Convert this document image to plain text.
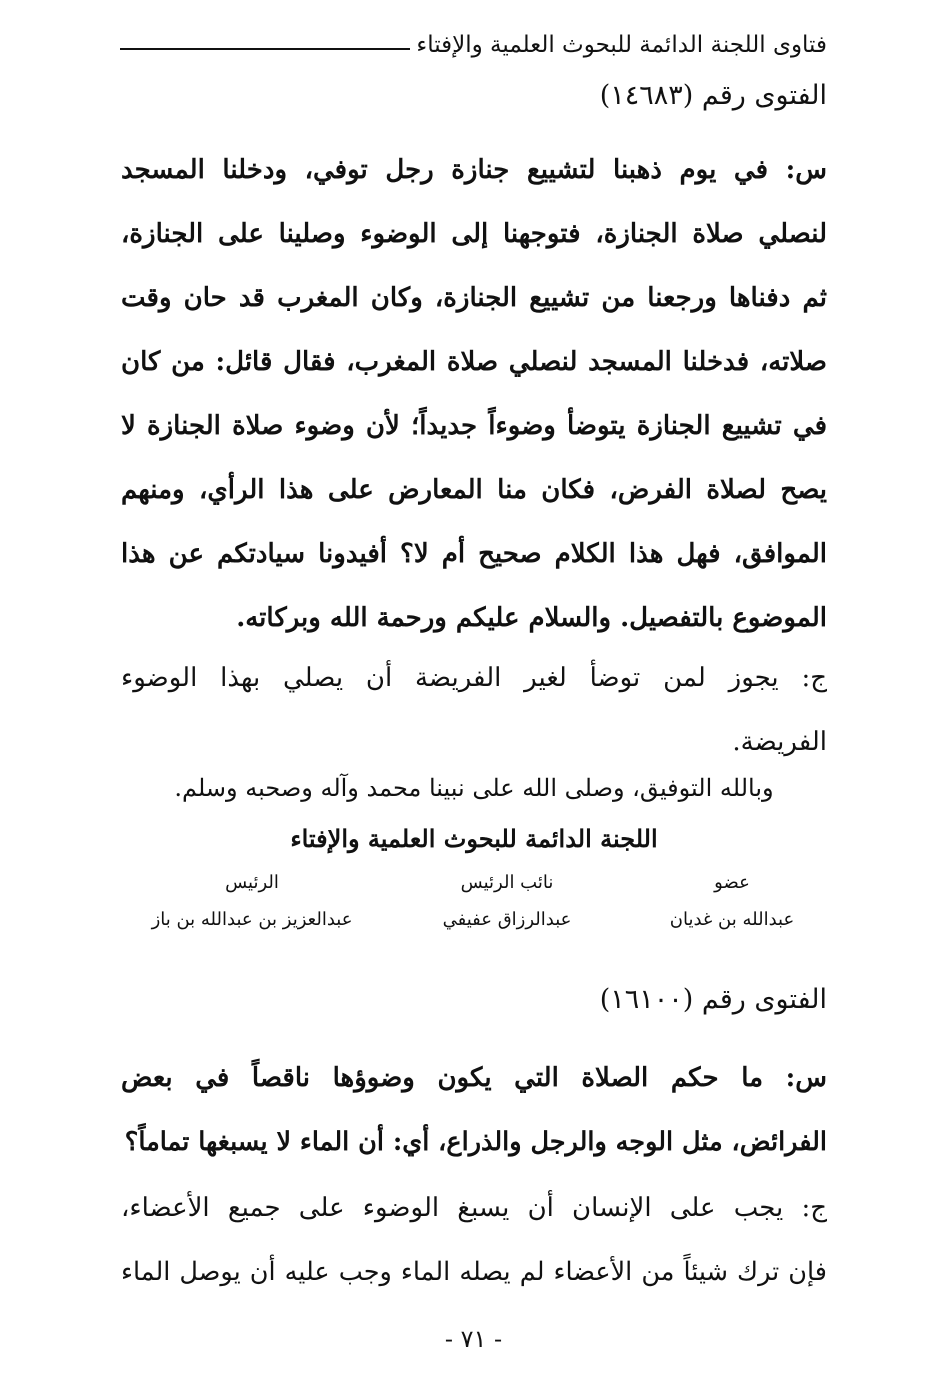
فتاوى اللجنة الدائمة للبحوث العلمية والإفتاء
الفتوى رقم (١٤٦٨٣)
س: في يوم ذهبنا لتشييع جنازة رجل توفي، ودخلنا المسجد
لنصلي صلاة الجنازة، فتوجهنا إلى الوضوء وصلينا على الجنازة،
ثم دفناها ورجعنا من تشييع الجنازة، وكان المغرب قد حان وقت
صلاته، فدخلنا المسجد لنصلي صلاة المغرب، فقال قائل: من كان
في تشييع الجنازة يتوضأ وضوءاً جديداً؛ لأن وضوء صلاة الجنازة لا
يصح لصلاة الفرض، فكان منا المعارض على هذا الرأي، ومنهم
الموافق، فهل هذا الكلام صحيح أم لا؟ أفيدونا سيادتكم عن هذا
الموضوع بالتفصيل. والسلام عليكم ورحمة الله وبركاته.
ج: يجوز لمن توضأ لغير الفريضة أن يصلي بهذا الوضوء
الفريضة.
وبالله التوفيق، وصلى الله على نبينا محمد وآله وصحبه وسلم.
اللجنة الدائمة للبحوث العلمية والإفتاء
عضو
عبدالله بن غديان
نائب الرئيس
عبدالرزاق عفيفي
الرئيس
عبدالعزيز بن عبدالله بن باز
الفتوى رقم (١٦١٠٠)
س: ما حكم الصلاة التي يكون وضوؤها ناقصاً في بعض
الفرائض، مثل الوجه والرجل والذراع، أي: أن الماء لا يسبغها تماماً؟
ج: يجب على الإنسان أن يسبغ الوضوء على جميع الأعضاء،
فإن ترك شيئاً من الأعضاء لم يصله الماء وجب عليه أن يوصل الماء
- ٧١ -
